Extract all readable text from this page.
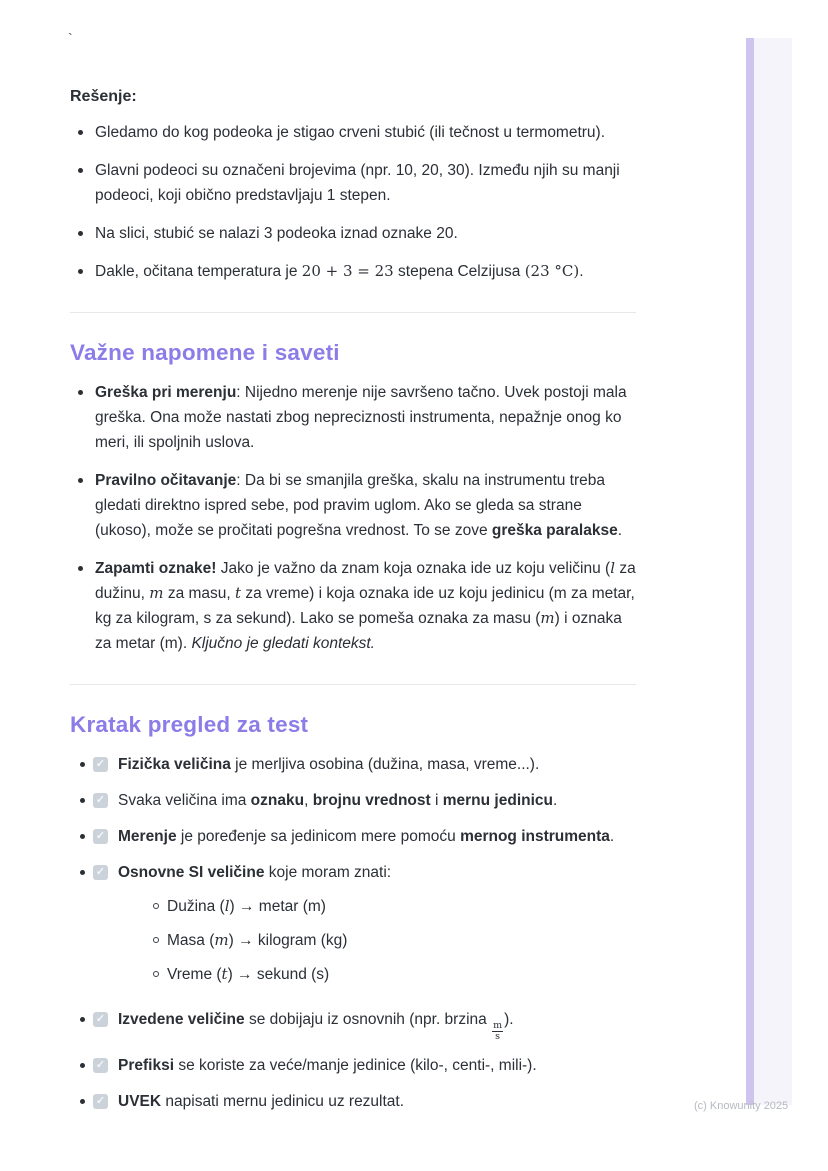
`
Rešenje:
Gledamo do kog podeoka je stigao crveni stubić (ili tečnost u termometru).
Glavni podeoci su označeni brojevima (npr. 10, 20, 30). Između njih su manji podeoci, koji obično predstavljaju 1 stepen.
Na slici, stubić se nalazi 3 podeoka iznad oznake 20.
Dakle, očitana temperatura je 20 + 3 = 23 stepena Celzijusa (23 °C).
Važne napomene i saveti
Greška pri merenju: Nijedno merenje nije savršeno tačno. Uvek postoji mala greška. Ona može nastati zbog nepreciznosti instrumenta, nepažnje onog ko meri, ili spoljnih uslova.
Pravilno očitavanje: Da bi se smanjila greška, skalu na instrumentu treba gledati direktno ispred sebe, pod pravim uglom. Ako se gleda sa strane (ukoso), može se pročitati pogrešna vrednost. To se zove greška paralakse.
Zapamti oznake! Jako je važno da znam koja oznaka ide uz koju veličinu (l za dužinu, m za masu, t za vreme) i koja oznaka ide uz koju jedinicu (m za metar, kg za kilogram, s za sekund). Lako se pomeša oznaka za masu (m) i oznaka za metar (m). Ključno je gledati kontekst.
Kratak pregled za test
✓ Fizička veličina je merljiva osobina (dužina, masa, vreme...).
✓ Svaka veličina ima oznaku, brojnu vrednost i mernu jedinicu.
✓ Merenje je poređenje sa jedinicom mere pomoću mernog instrumenta.
✓ Osnovne SI veličine koje moram znati:
Dužina (l) → metar (m)
Masa (m) → kilogram (kg)
Vreme (t) → sekund (s)
✓ Izvedene veličine se dobijaju iz osnovnih (npr. brzina
$\frac{m}{s}$
).
✓ Prefiksi se koriste za veće/manje jedinice (kilo-, centi-, mili-).
✓ UVEK napisati mernu jedinicu uz rezultat.	(c) Knowunity 2025
